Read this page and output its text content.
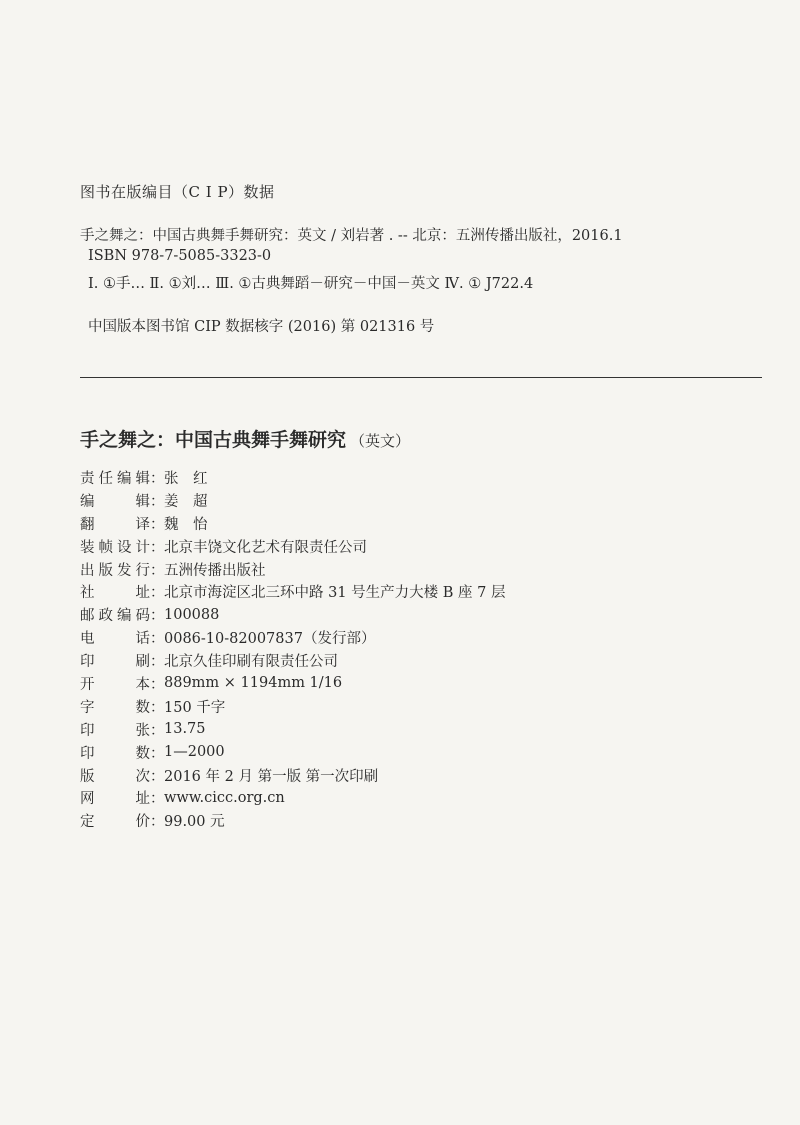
图书在版编目（C I P）数据
手之舞之：中国古典舞手舞研究：英文 / 刘岩著 . -- 北京：五洲传播出版社，2016.1
ISBN 978-7-5085-3323-0
Ⅰ. ①手… Ⅱ. ①刘… Ⅲ. ①古典舞蹈－研究－中国－英文 Ⅳ. ① J722.4
中国版本图书馆 CIP 数据核字 (2016) 第 021316 号
手之舞之：中国古典舞手舞研究 （英文）
责 任 编 辑 ： 张　红
编	辑 ： 姜　超
翻	译 ： 魏　怡
装 帧 设 计 ： 北京丰饶文化艺术有限责任公司
出 版 发 行 ： 五洲传播出版社
社	址 ： 北京市海淀区北三环中路 31 号生产力大楼 B 座 7 层
邮 政 编 码 ： 100088
电	话 ： 0086-10-82007837（发行部）
印	刷 ： 北京久佳印刷有限责任公司
开	本 ： 889mm × 1194mm 1/16
字	数 ： 150 千字
印	张 ： 13.75
印	数 ： 1—2000
版	次 ： 2016 年 2 月 第一版 第一次印刷
网	址 ： www.cicc.org.cn
定	价 ： 99.00 元
